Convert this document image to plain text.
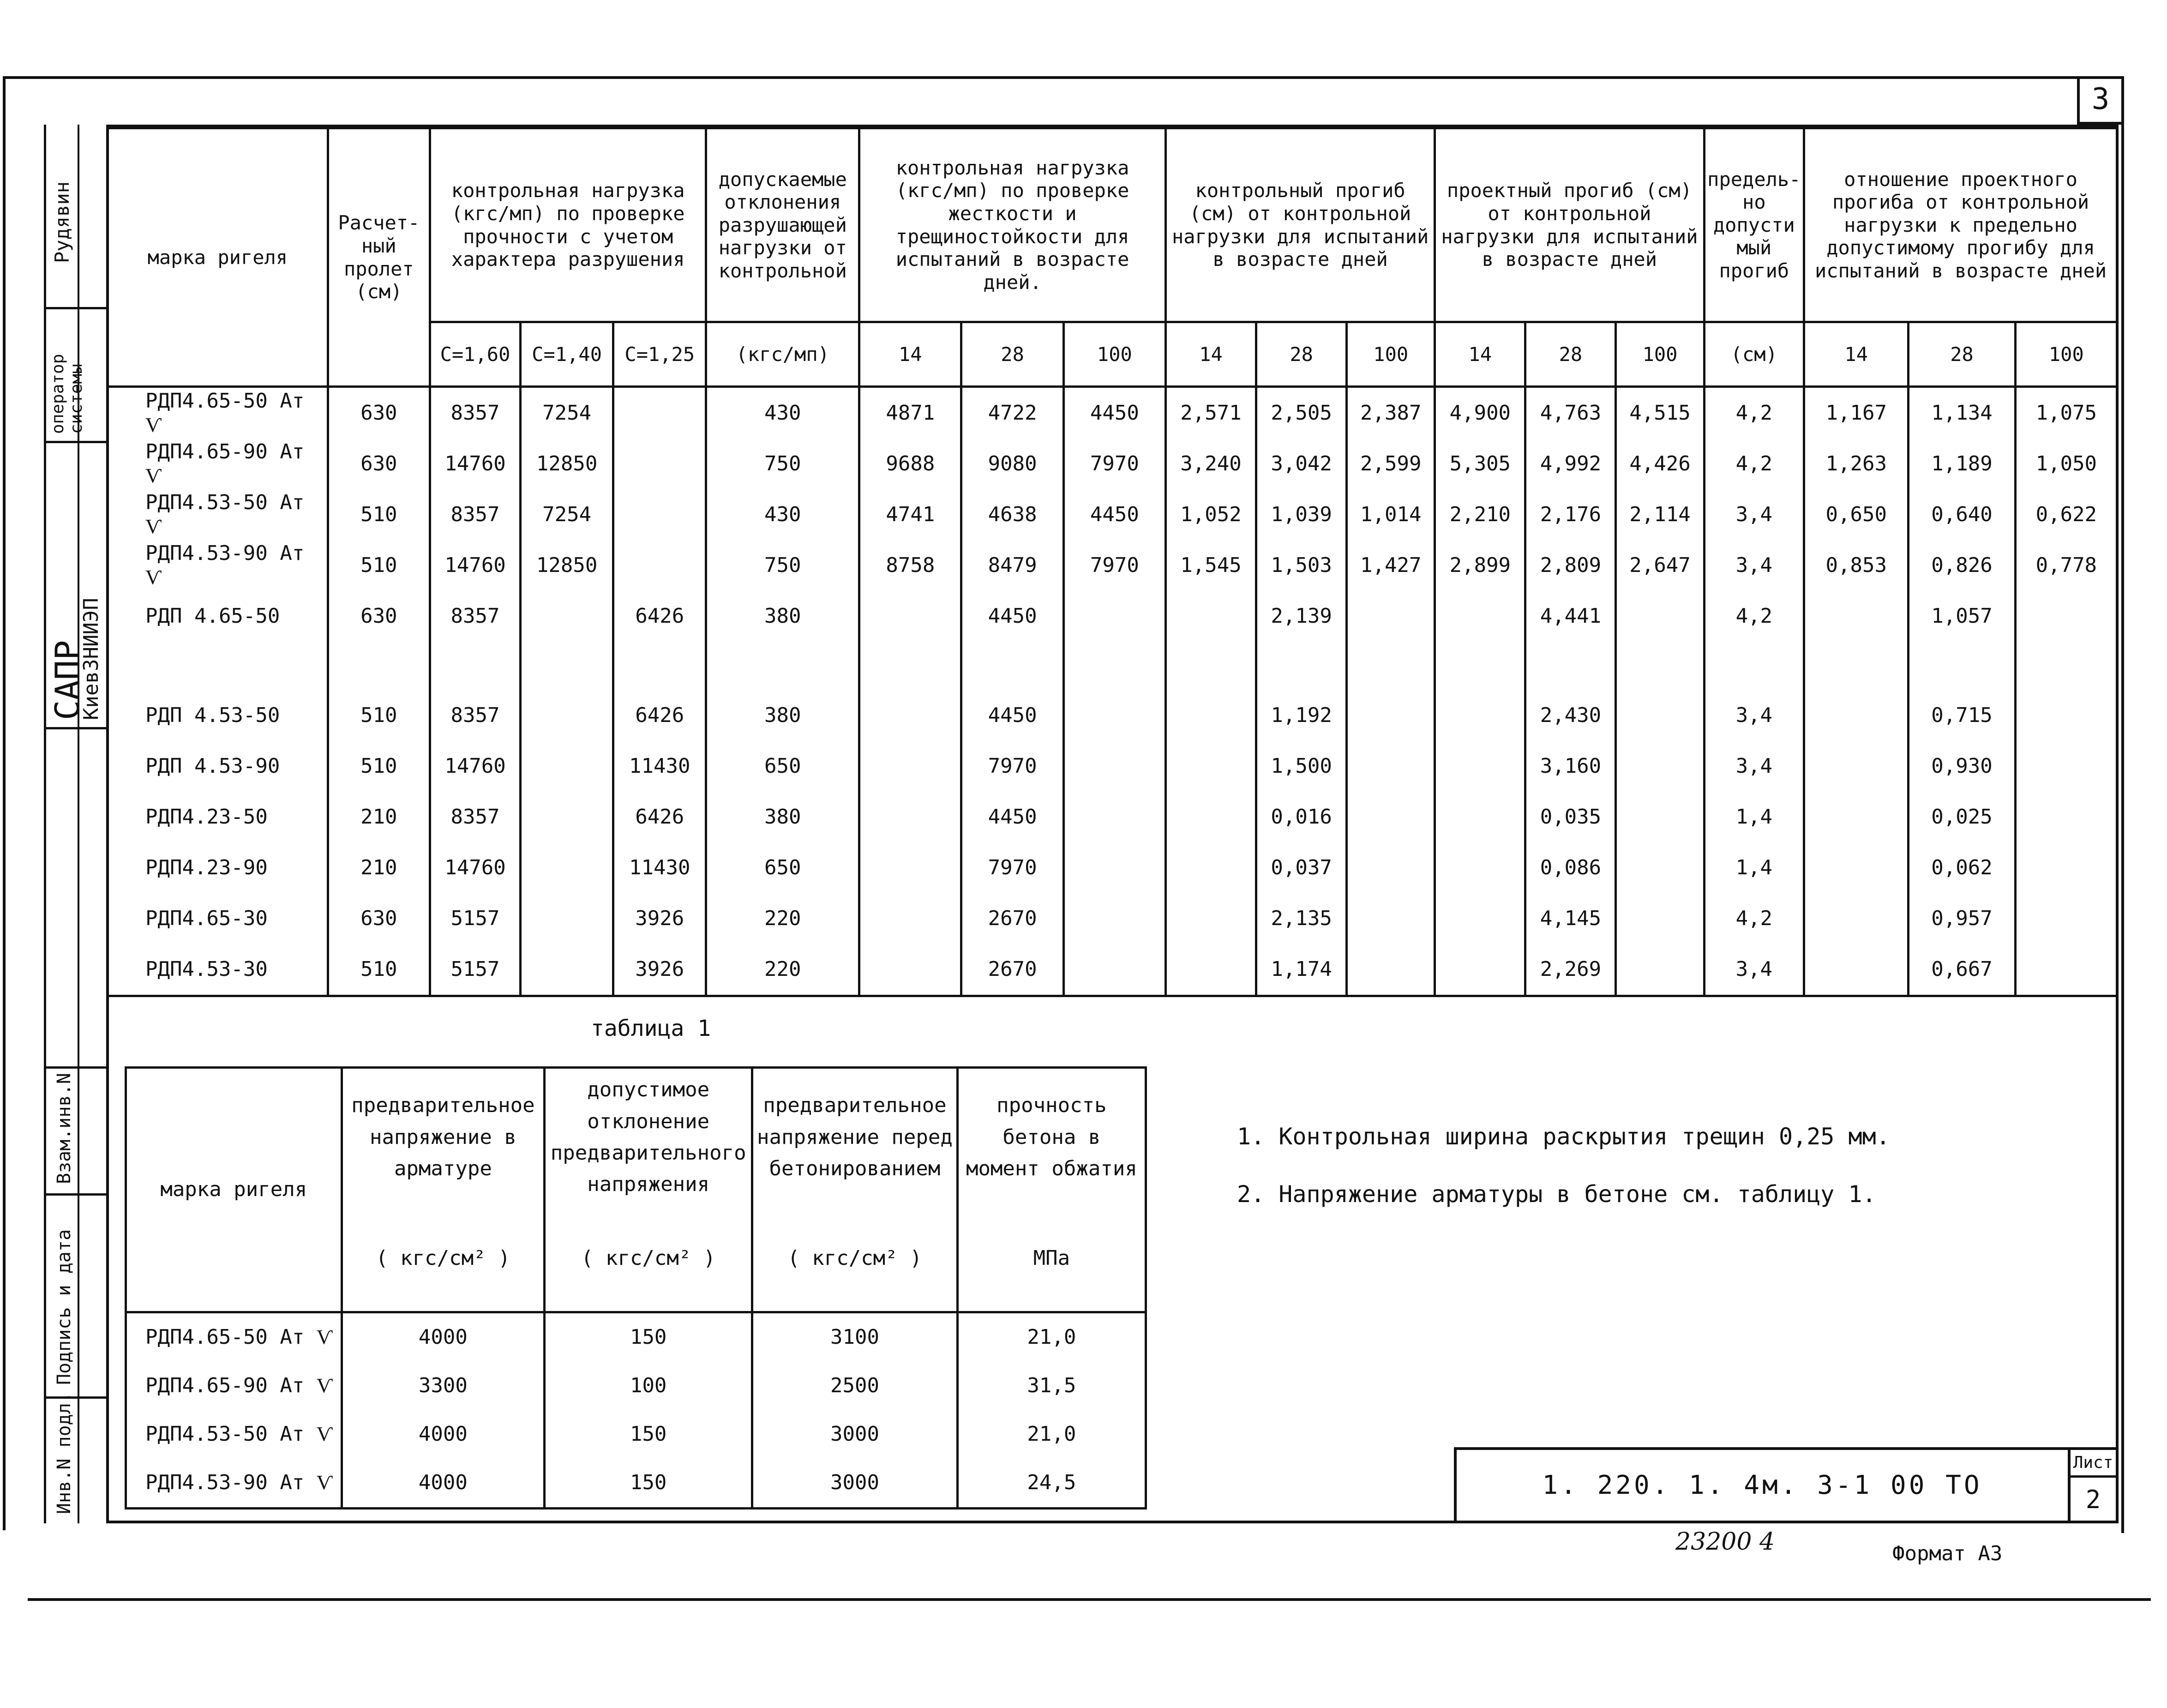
3
Рудявин
оператор системы
САПР
КиевЗНИИЭП
Взам.инв.N
Подпись и дата
Инв.N подл.
марка ригеля	Расчет- ный пролет (см)	контрольная нагрузка (кгс/мп) по проверке прочности с учетом характера разрушения			допускаемые отклонения разрушающей нагрузки от контрольной	контрольная нагрузка (кгс/мп) по проверке жесткости и трещиностойкости для испытаний в возрасте дней.			контрольный прогиб (см) от контрольной нагрузки для испытаний в возрасте дней			проектный прогиб (см) от контрольной нагрузки для испытаний в возрасте дней			предель- но допусти мый прогиб	отношение проектного прогиба от контрольной нагрузки к предельно допустимому прогибу для испытаний в возрасте дней		
		С=1,60	С=1,40	С=1,25	(кгс/мп)	14	28	100	14	28	100	14	28	100	(см)	14	28	100
РДП4.65-50 Ат Ѵ	630	8357	7254		430	4871	4722	4450	2,571	2,505	2,387	4,900	4,763	4,515	4,2	1,167	1,134	1,075
РДП4.65-90 Ат Ѵ	630	14760	12850		750	9688	9080	7970	3,240	3,042	2,599	5,305	4,992	4,426	4,2	1,263	1,189	1,050
РДП4.53-50 Ат Ѵ	510	8357	7254		430	4741	4638	4450	1,052	1,039	1,014	2,210	2,176	2,114	3,4	0,650	0,640	0,622
РДП4.53-90 Ат Ѵ	510	14760	12850		750	8758	8479	7970	1,545	1,503	1,427	2,899	2,809	2,647	3,4	0,853	0,826	0,778
РДП 4.65-50	630	8357		6426	380		4450			2,139			4,441		4,2		1,057	

РДП 4.53-50	510	8357		6426	380		4450			1,192			2,430		3,4		0,715	
РДП 4.53-90	510	14760		11430	650		7970			1,500			3,160		3,4		0,930	
РДП4.23-50	210	8357		6426	380		4450			0,016			0,035		1,4		0,025	
РДП4.23-90	210	14760		11430	650		7970			0,037			0,086		1,4		0,062	
РДП4.65-30	630	5157		3926	220		2670			2,135			4,145		4,2		0,957	
РДП4.53-30	510	5157		3926	220		2670			1,174			2,269		3,4		0,667	
таблица 1
марка ригеля	предварительное напряжение в арматуре	допустимое отклонение предварительного напряжения	предварительное напряжение перед бетонированием	прочность бетона в момент обжатия
	( кгс/см² )	( кгс/см² )	( кгс/см² )	МПа
РДП4.65-50 Ат Ѵ	4000	150	3100	21,0
РДП4.65-90 Ат Ѵ	3300	100	2500	31,5
РДП4.53-50 Ат Ѵ	4000	150	3000	21,0
РДП4.53-90 Ат Ѵ	4000	150	3000	24,5
1. Контрольная ширина раскрытия трещин 0,25 мм.
2. Напряжение арматуры в бетоне см. таблицу 1.
1. 220. 1. 4м. 3-1 00 ТО
Лист
2
23200 4	Формат А3
